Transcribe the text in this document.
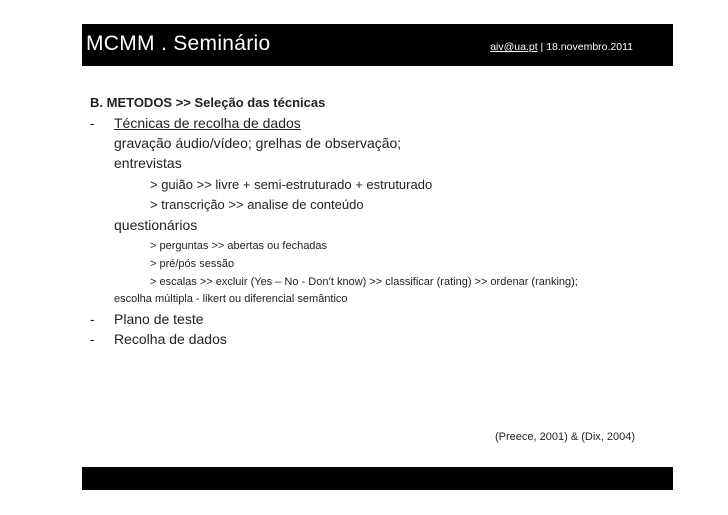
MCMM . Seminário	aiv@ua.pt | 18.novembro.2011
B. METODOS >> Seleção das técnicas
- Técnicas de recolha de dados
gravação áudio/vídeo; grelhas de observação;
entrevistas
> guião >> livre + semi-estruturado + estruturado
> transcrição >> analise de conteúdo
questionários
> perguntas >> abertas ou fechadas
> pré/pós sessão
> escalas >> excluir (Yes – No - Don’t know) >> classificar (rating) >> ordenar (ranking);
escolha múltipla - likert ou diferencial semântico
- Plano de teste
- Recolha de dados
(Preece, 2001) & (Dix, 2004)
